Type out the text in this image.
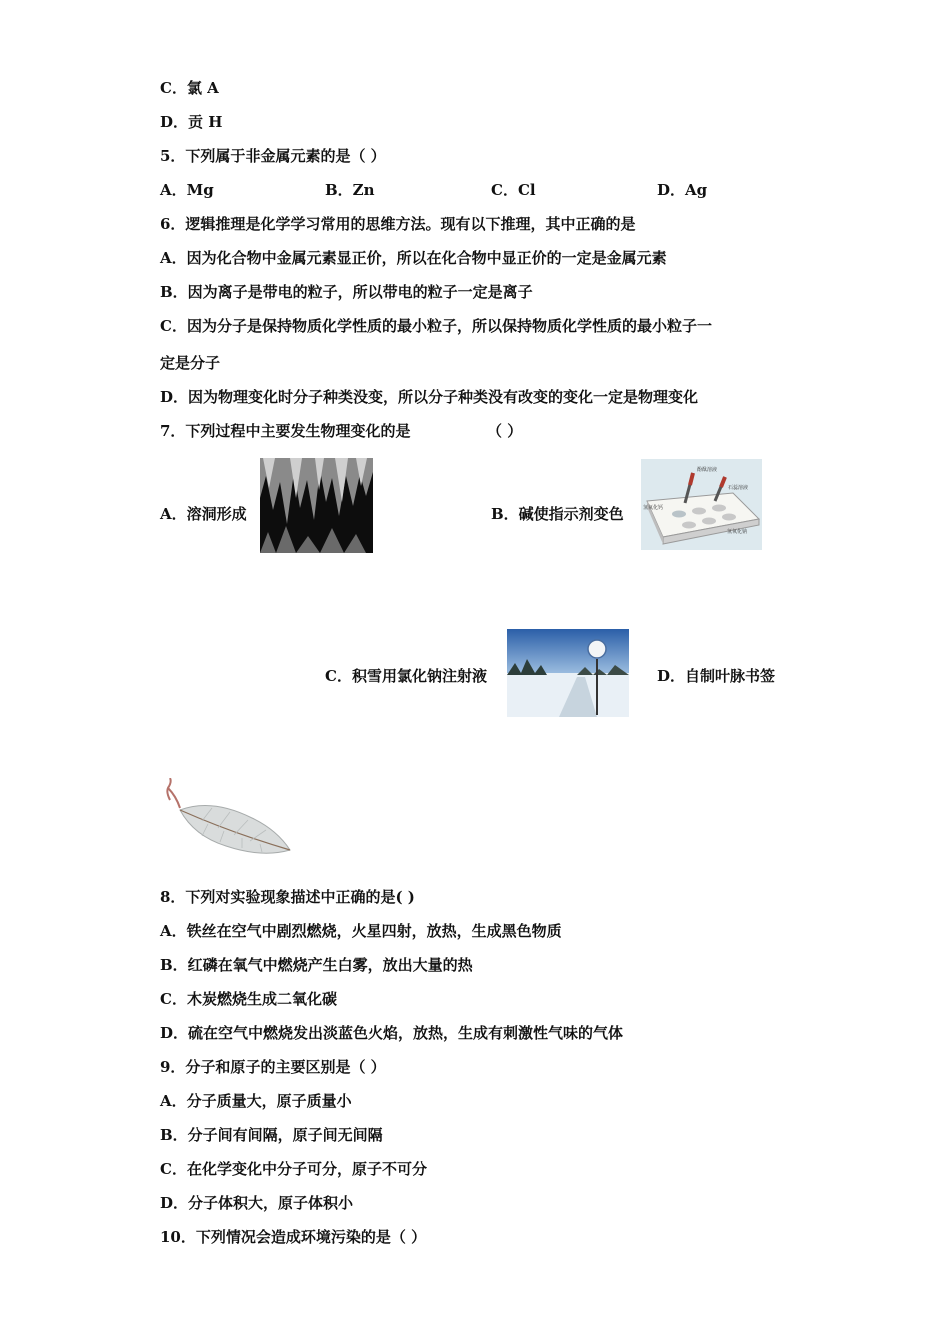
C．氯 A
D．贡 H
5．下列属于非金属元素的是（ ）
A．Mg	B．Zn	C．Cl	D．Ag
6．逻辑推理是化学学习常用的思维方法。现有以下推理，其中正确的是
A．因为化合物中金属元素显正价，所以在化合物中显正价的一定是金属元素
B．因为离子是带电的粒子，所以带电的粒子一定是离子
C．因为分子是保持物质化学性质的最小粒子，所以保持物质化学性质的最小粒子一
定是分子
D．因为物理变化时分子种类没变，所以分子种类没有改变的变化一定是物理变化
7．下列过程中主要发生物理变化的是	（ ）
A．溶洞形成	B．碱使指示剂变色
酚酞溶液
石蕊溶液
氢氧化钙
氢氧化钠
C．积雪用氯化钠注射液	D．自制叶脉书签
8．下列对实验现象描述中正确的是( )
A．铁丝在空气中剧烈燃烧，火星四射，放热，生成黑色物质
B．红磷在氧气中燃烧产生白雾，放出大量的热
C．木炭燃烧生成二氧化碳
D．硫在空气中燃烧发出淡蓝色火焰，放热，生成有刺激性气味的气体
9．分子和原子的主要区别是（ ）
A．分子质量大，原子质量小
B．分子间有间隔，原子间无间隔
C．在化学变化中分子可分，原子不可分
D．分子体积大，原子体积小
10．下列情况会造成环境污染的是（ ）
